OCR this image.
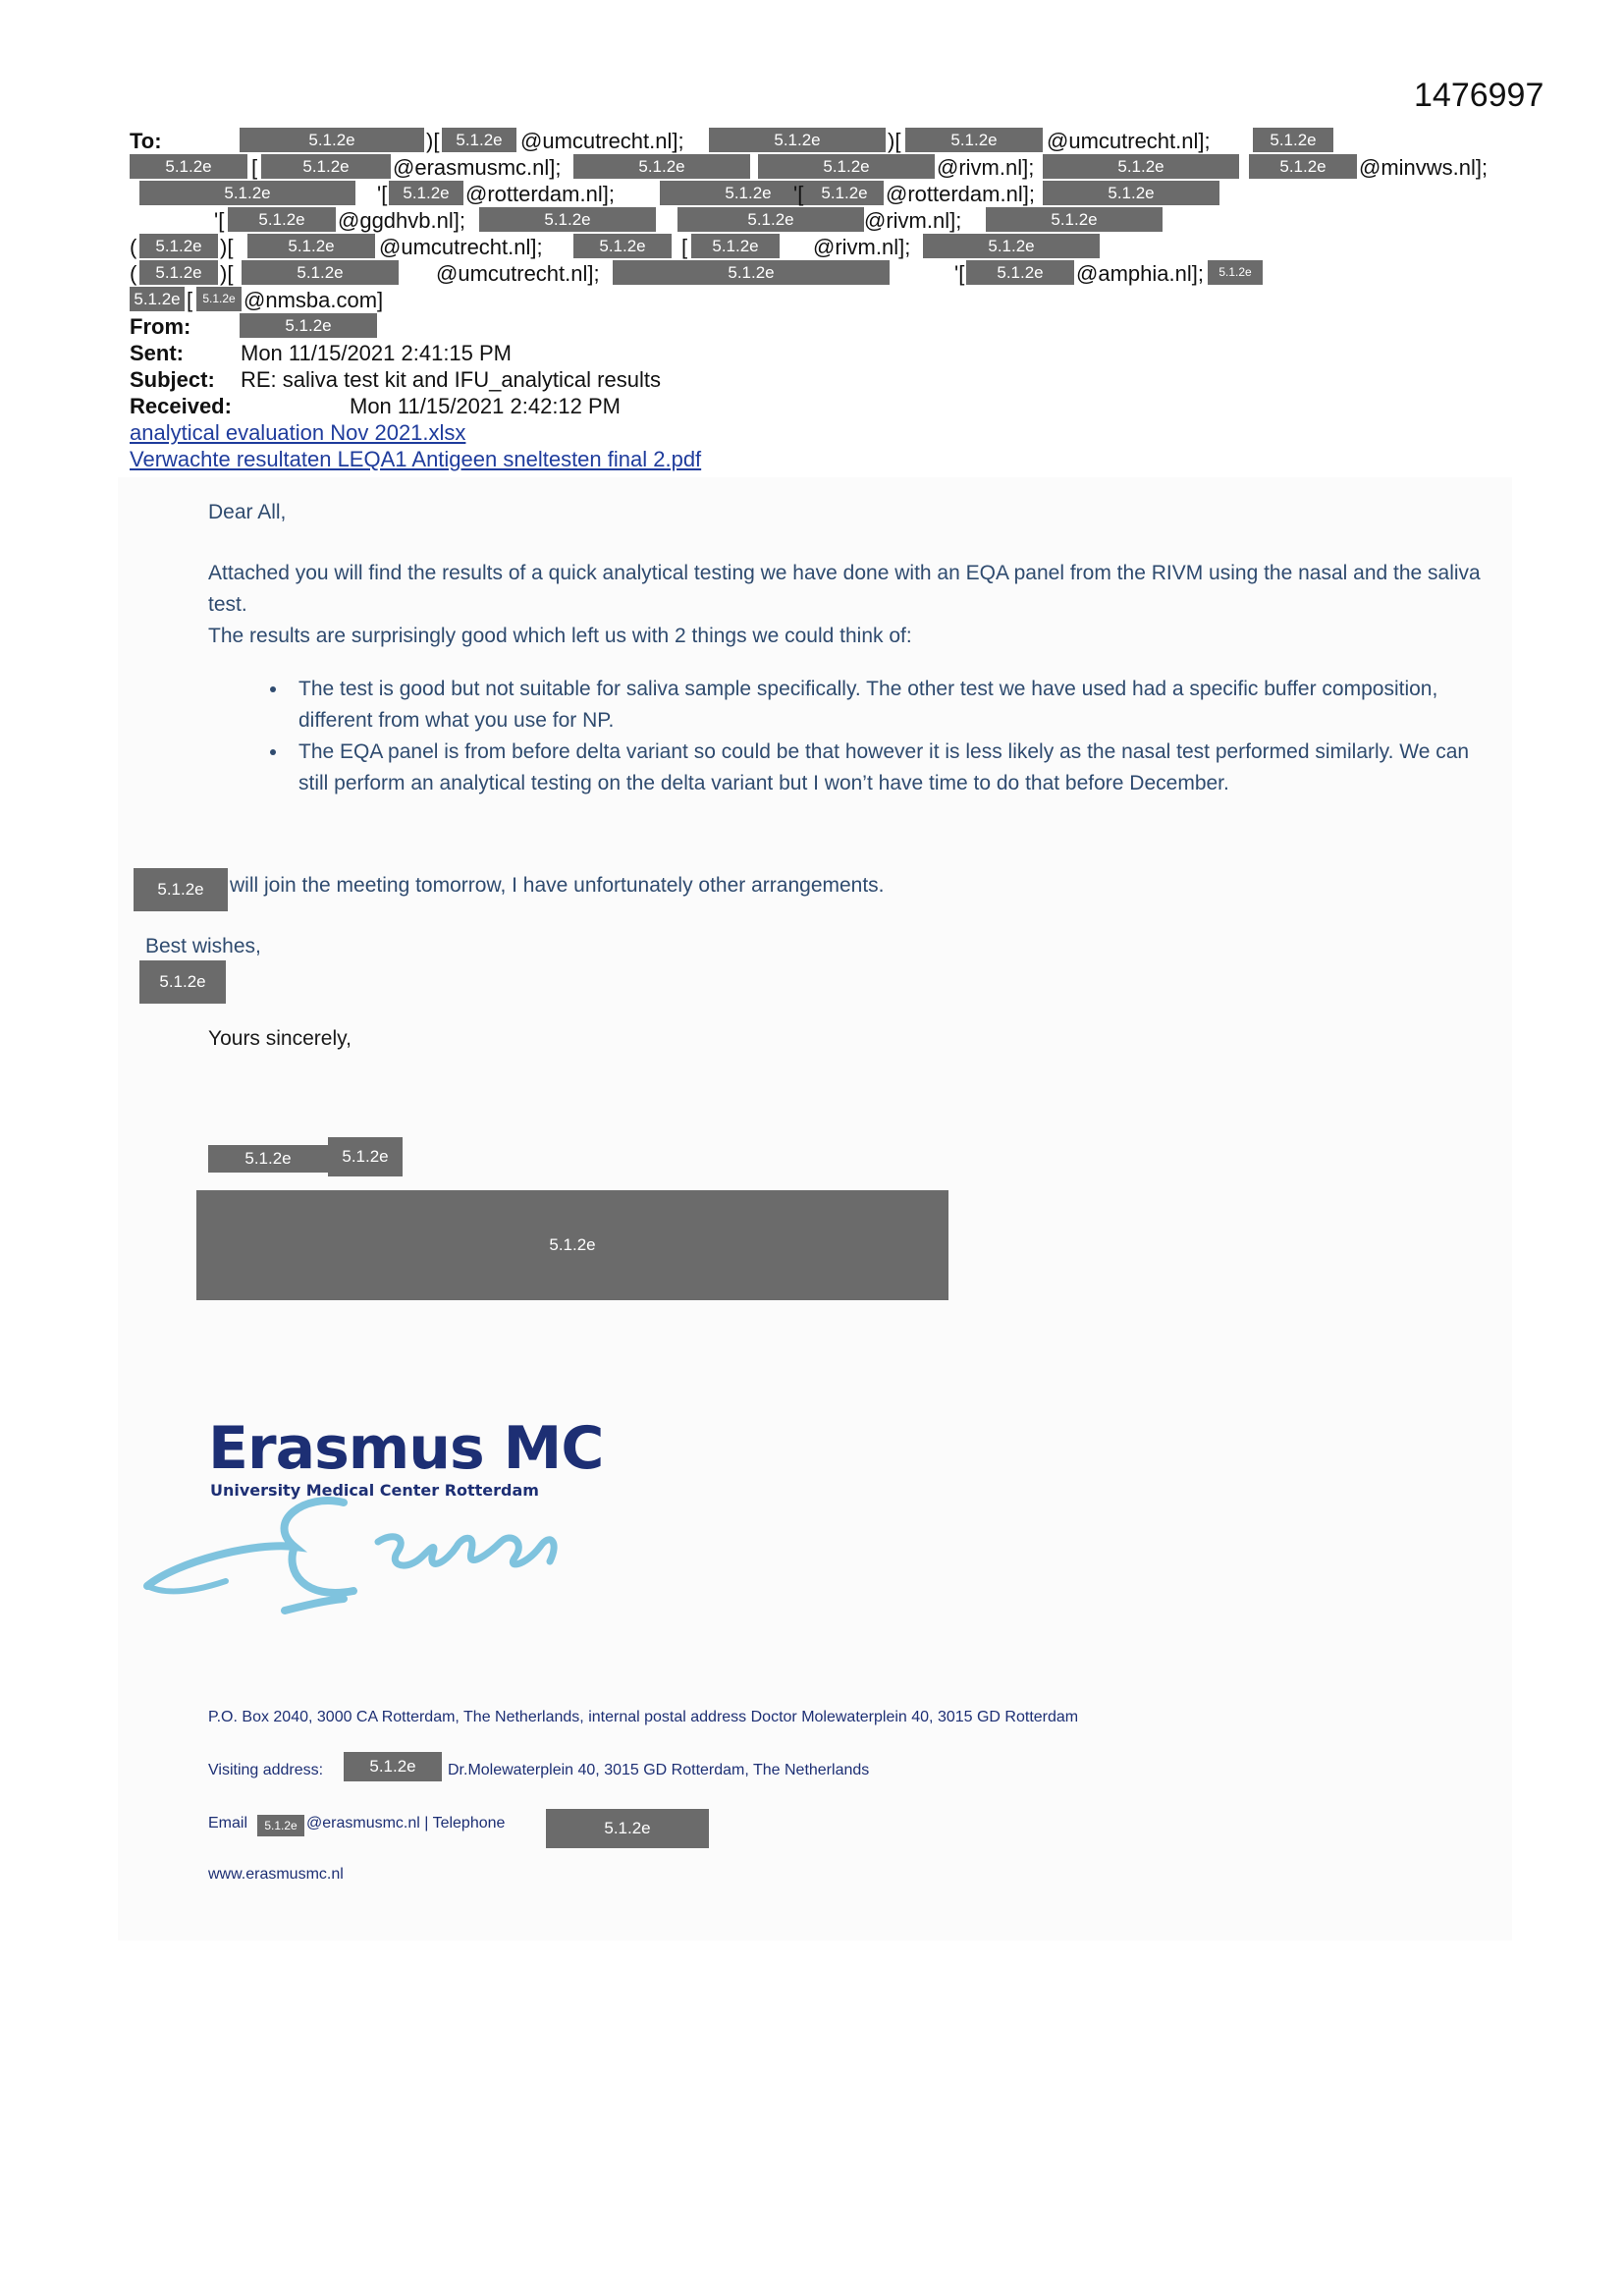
1476997
To:	5.1.2e	)[ 5.1.2e @umcutrecht.nl];	5.1.2e	)[	5.1.2e	@umcutrecht.nl];	5.1.2e
5.1.2e	[	5.1.2e	@erasmusmc.nl];	5.1.2e	5.1.2e	@rivm.nl];	5.1.2e	5.1.2e	@minvws.nl];
5.1.2e	'[ 5.1.2e @rotterdam.nl];	5.1.2e	'[	5.1.2e @rotterdam.nl];	5.1.2e
'[	5.1.2e	@ggdhvb.nl];	5.1.2e	5.1.2e	@rivm.nl];	5.1.2e
(	5.1.2e )[	5.1.2e	@umcutrecht.nl];	5.1.2e	[	5.1.2e	@rivm.nl];	5.1.2e
(	5.1.2e )[	5.1.2e	@umcutrecht.nl];	5.1.2e	'[	5.1.2e	@amphia.nl];	5.1.2e
5.1.2e [ 5.1.2e @nmsba.com]
From:	5.1.2e
Sent:	Mon 11/15/2021 2:41:15 PM
Subject: RE: saliva test kit and IFU_analytical results
Received:	Mon 11/15/2021 2:42:12 PM
analytical evaluation Nov 2021.xlsx
Verwachte resultaten LEQA1 Antigeen sneltesten final 2.pdf

Dear All,

Attached you will find the results of a quick analytical testing we have done with an EQA panel from the RIVM using the nasal and the saliva test.

The results are surprisingly good which left us with 2 things we could think of:

• The test is good but not suitable for saliva sample specifically. The other test we have used had a specific buffer composition, different from what you use for NP.
• The EQA panel is from before delta variant so could be that however it is less likely as the nasal test performed similarly. We can still perform an analytical testing on the delta variant but I won’t have time to do that before December.
5.1.2e	will join the meeting tomorrow, I have unfortunately other arrangements.
Best wishes,
5.1.2e
Yours sincerely,
5.1.2e	5.1.2e
5.1.2e
Erasmus MC
University Medical Center Rotterdam
P.O. Box 2040, 3000 CA Rotterdam, The Netherlands, internal postal address Doctor Molewaterplein 40, 3015 GD Rotterdam
Visiting address:	5.1.2e	Dr.Molewaterplein 40, 3015 GD Rotterdam, The Netherlands
Email	5.1.2e @erasmusmc.nl | Telephone	5.1.2e
www.erasmusmc.nl
